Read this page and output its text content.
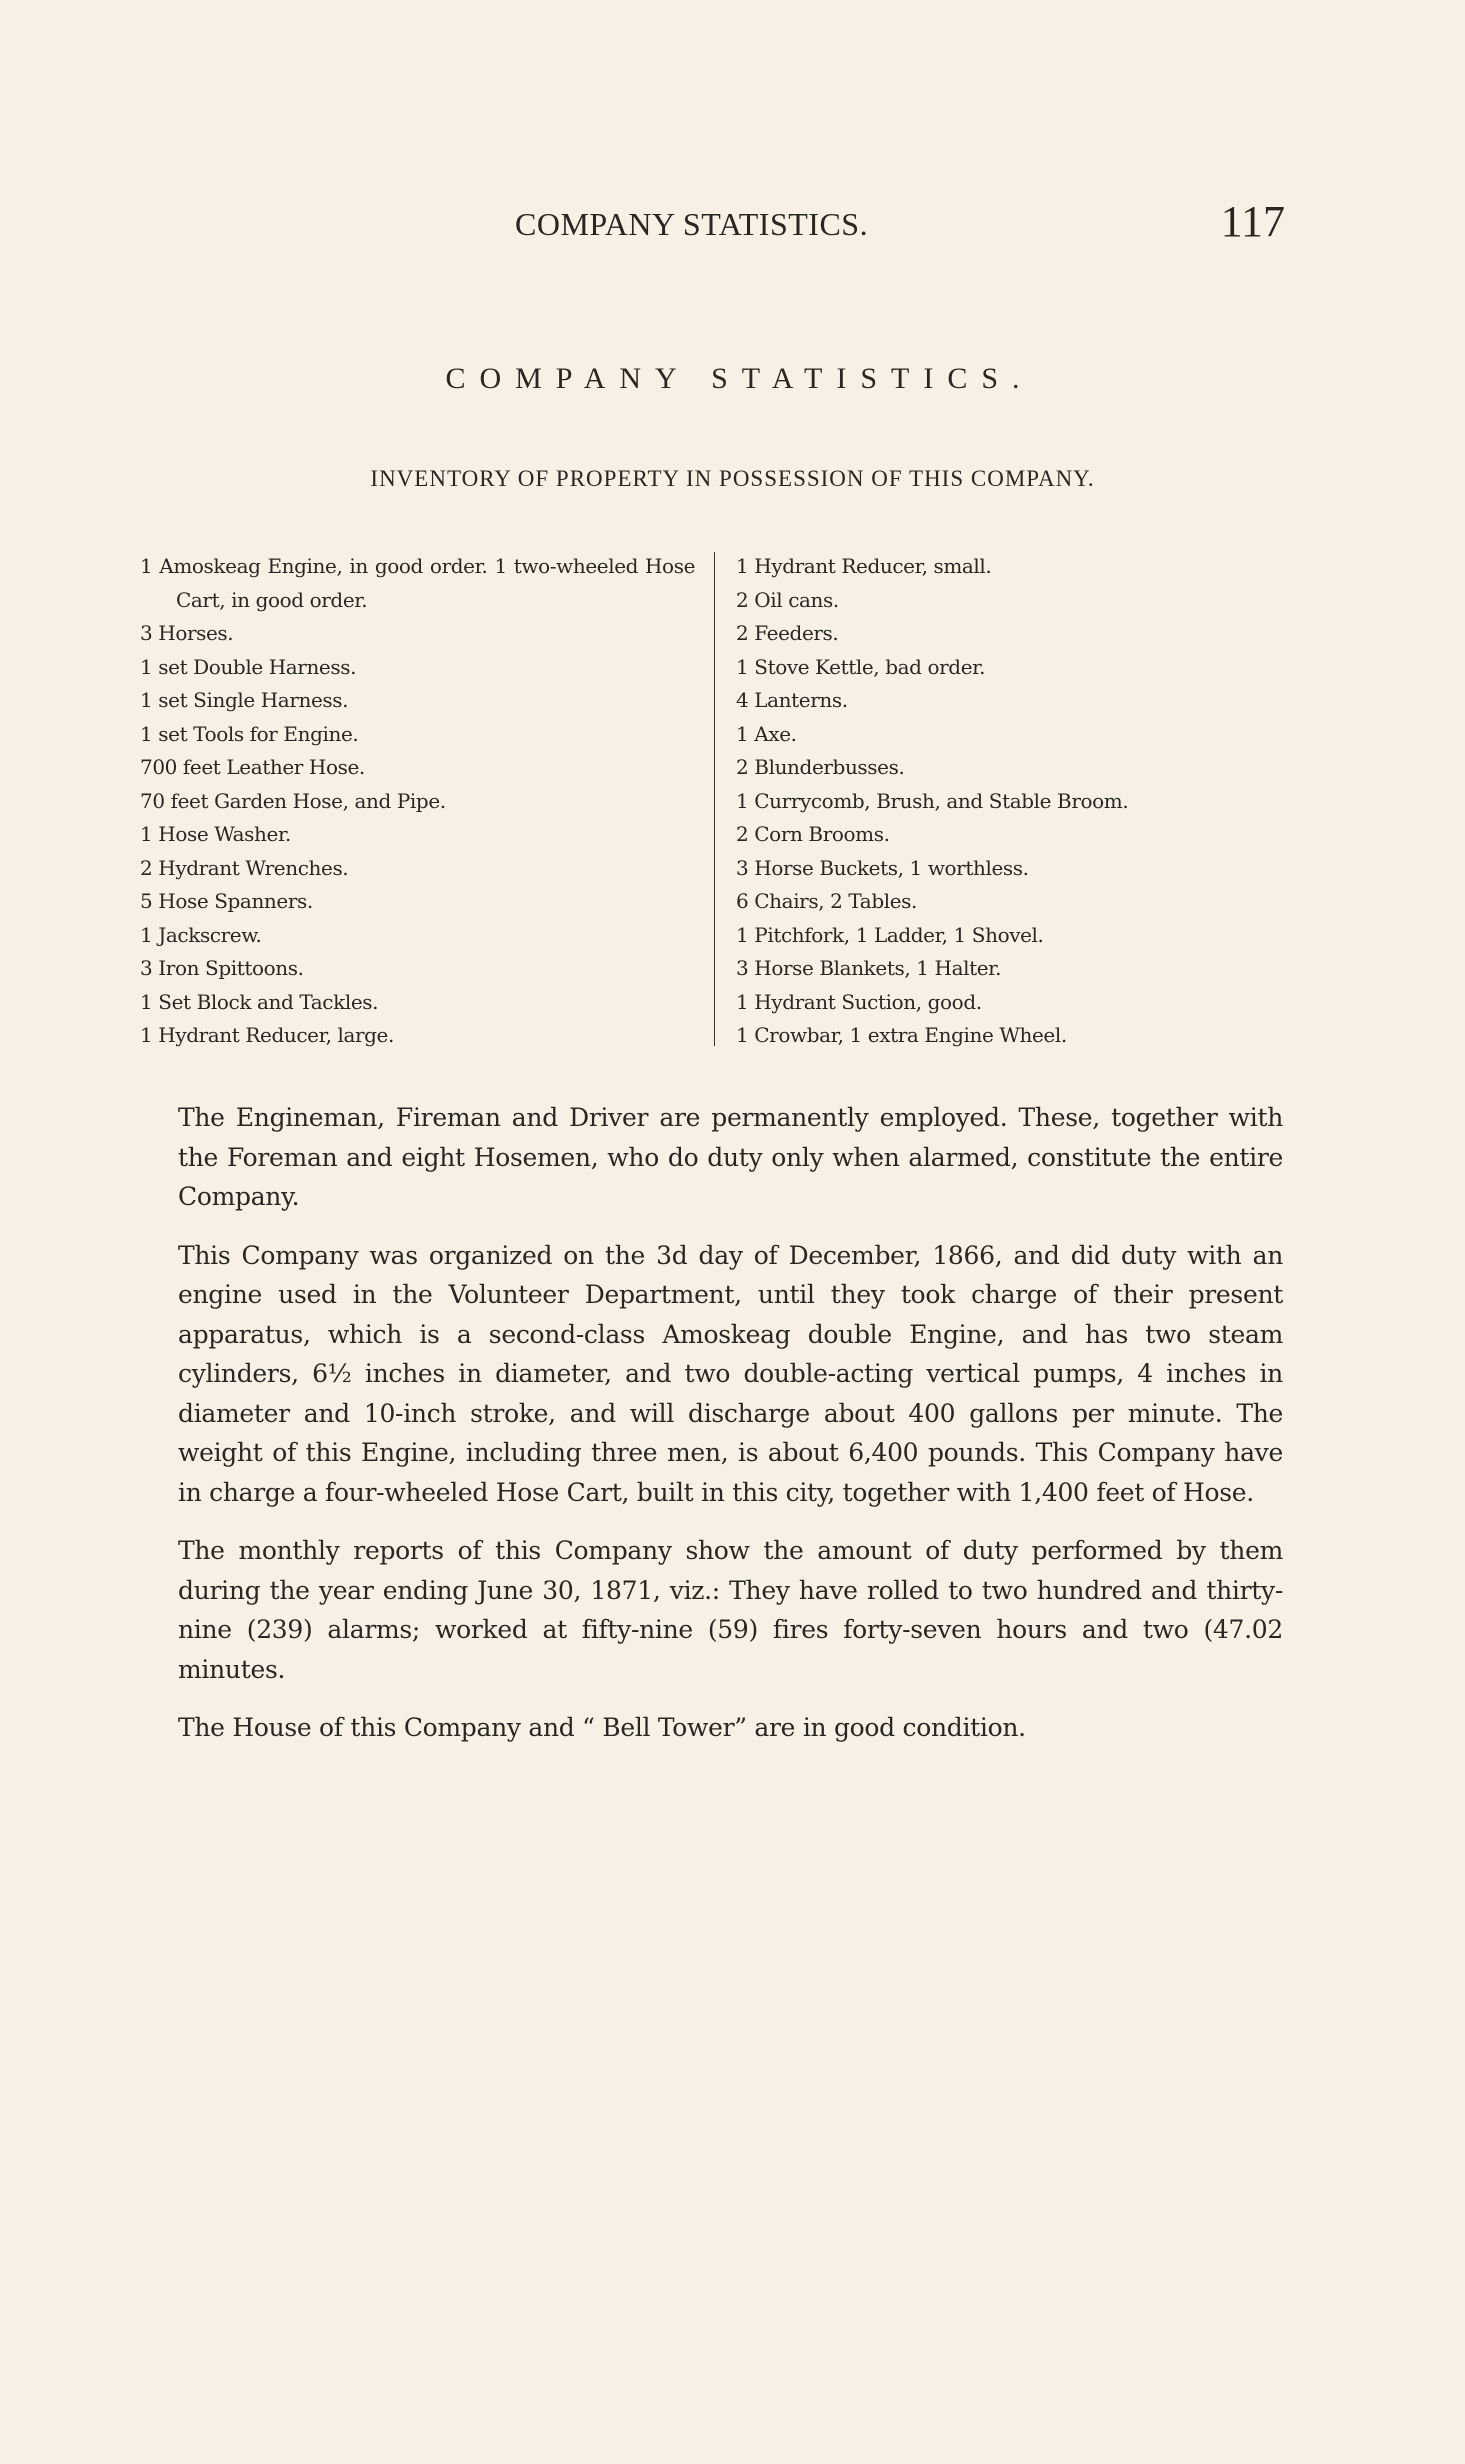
COMPANY STATISTICS.	117
COMPANY STATISTICS.
INVENTORY OF PROPERTY IN POSSESSION OF THIS COMPANY.
1 Amoskeag Engine, in good order. 1 two-wheeled Hose Cart, in good order.
3 Horses.
1 set Double Harness.
1 set Single Harness.
1 set Tools for Engine.
700 feet Leather Hose.
70 feet Garden Hose, and Pipe.
1 Hose Washer.
2 Hydrant Wrenches.
5 Hose Spanners.
1 Jackscrew.
3 Iron Spittoons.
1 Set Block and Tackles.
1 Hydrant Reducer, large.
1 Hydrant Reducer, small.
2 Oil cans.
2 Feeders.
1 Stove Kettle, bad order.
4 Lanterns.
1 Axe.
2 Blunderbusses.
1 Currycomb, Brush, and Stable Broom.
2 Corn Brooms.
3 Horse Buckets, 1 worthless.
6 Chairs, 2 Tables.
1 Pitchfork, 1 Ladder, 1 Shovel.
3 Horse Blankets, 1 Halter.
1 Hydrant Suction, good.
1 Crowbar, 1 extra Engine Wheel.

The Engineman, Fireman and Driver are permanently employed. These, together with the Foreman and eight Hosemen, who do duty only when alarmed, constitute the entire Company.

This Company was organized on the 3d day of December, 1866, and did duty with an engine used in the Volunteer Department, until they took charge of their present apparatus, which is a second-class Amoskeag double Engine, and has two steam cylinders, 6½ inches in diameter, and two double-acting vertical pumps, 4 inches in diameter and 10-inch stroke, and will discharge about 400 gallons per minute. The weight of this Engine, including three men, is about 6,400 pounds. This Company have in charge a four-wheeled Hose Cart, built in this city, together with 1,400 feet of Hose.

The monthly reports of this Company show the amount of duty performed by them during the year ending June 30, 1871, viz.: They have rolled to two hundred and thirty-nine (239) alarms; worked at fifty-nine (59) fires forty-seven hours and two (47.02 minutes.

The House of this Company and “ Bell Tower” are in good condition.
